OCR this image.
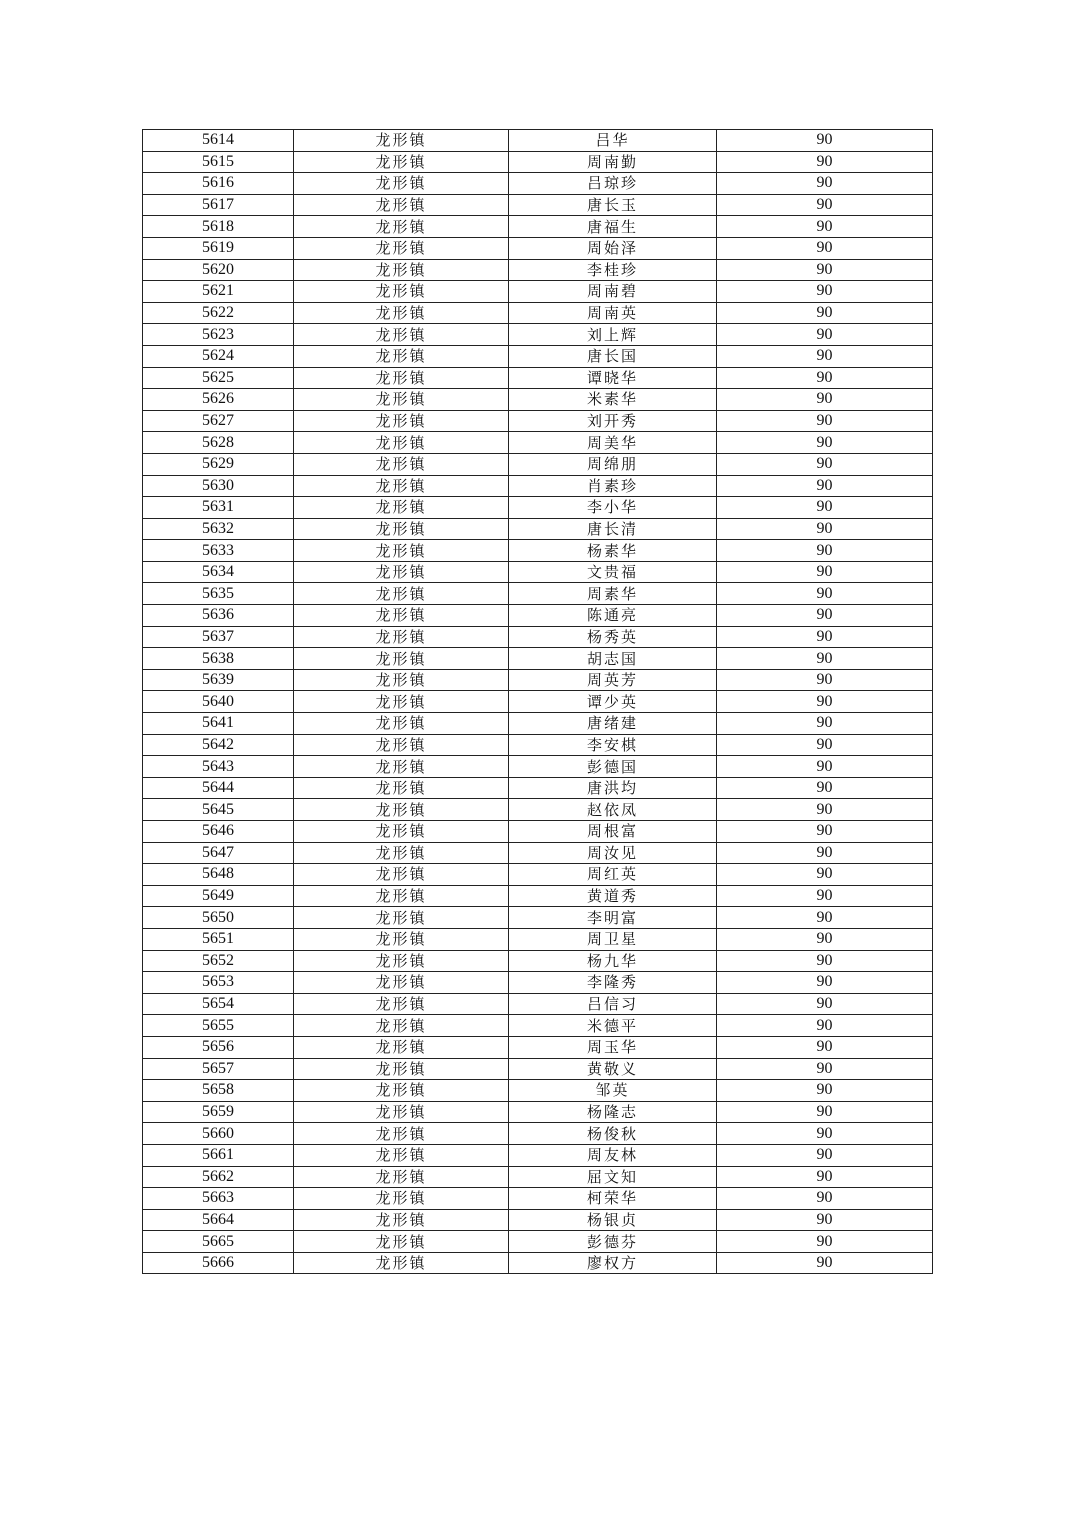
5614	龙形镇	吕华	90
5615	龙形镇	周南勤	90
5616	龙形镇	吕琼珍	90
5617	龙形镇	唐长玉	90
5618	龙形镇	唐福生	90
5619	龙形镇	周始泽	90
5620	龙形镇	李桂珍	90
5621	龙形镇	周南碧	90
5622	龙形镇	周南英	90
5623	龙形镇	刘上辉	90
5624	龙形镇	唐长国	90
5625	龙形镇	谭晓华	90
5626	龙形镇	米素华	90
5627	龙形镇	刘开秀	90
5628	龙形镇	周美华	90
5629	龙形镇	周绵朋	90
5630	龙形镇	肖素珍	90
5631	龙形镇	李小华	90
5632	龙形镇	唐长清	90
5633	龙形镇	杨素华	90
5634	龙形镇	文贵福	90
5635	龙形镇	周素华	90
5636	龙形镇	陈通亮	90
5637	龙形镇	杨秀英	90
5638	龙形镇	胡志国	90
5639	龙形镇	周英芳	90
5640	龙形镇	谭少英	90
5641	龙形镇	唐绪建	90
5642	龙形镇	李安棋	90
5643	龙形镇	彭德国	90
5644	龙形镇	唐洪均	90
5645	龙形镇	赵依凤	90
5646	龙形镇	周根富	90
5647	龙形镇	周汝见	90
5648	龙形镇	周红英	90
5649	龙形镇	黄道秀	90
5650	龙形镇	李明富	90
5651	龙形镇	周卫星	90
5652	龙形镇	杨九华	90
5653	龙形镇	李隆秀	90
5654	龙形镇	吕信习	90
5655	龙形镇	米德平	90
5656	龙形镇	周玉华	90
5657	龙形镇	黄敬义	90
5658	龙形镇	邹英	90
5659	龙形镇	杨隆志	90
5660	龙形镇	杨俊秋	90
5661	龙形镇	周友林	90
5662	龙形镇	屈文知	90
5663	龙形镇	柯荣华	90
5664	龙形镇	杨银贞	90
5665	龙形镇	彭德芬	90
5666	龙形镇	廖权方	90
